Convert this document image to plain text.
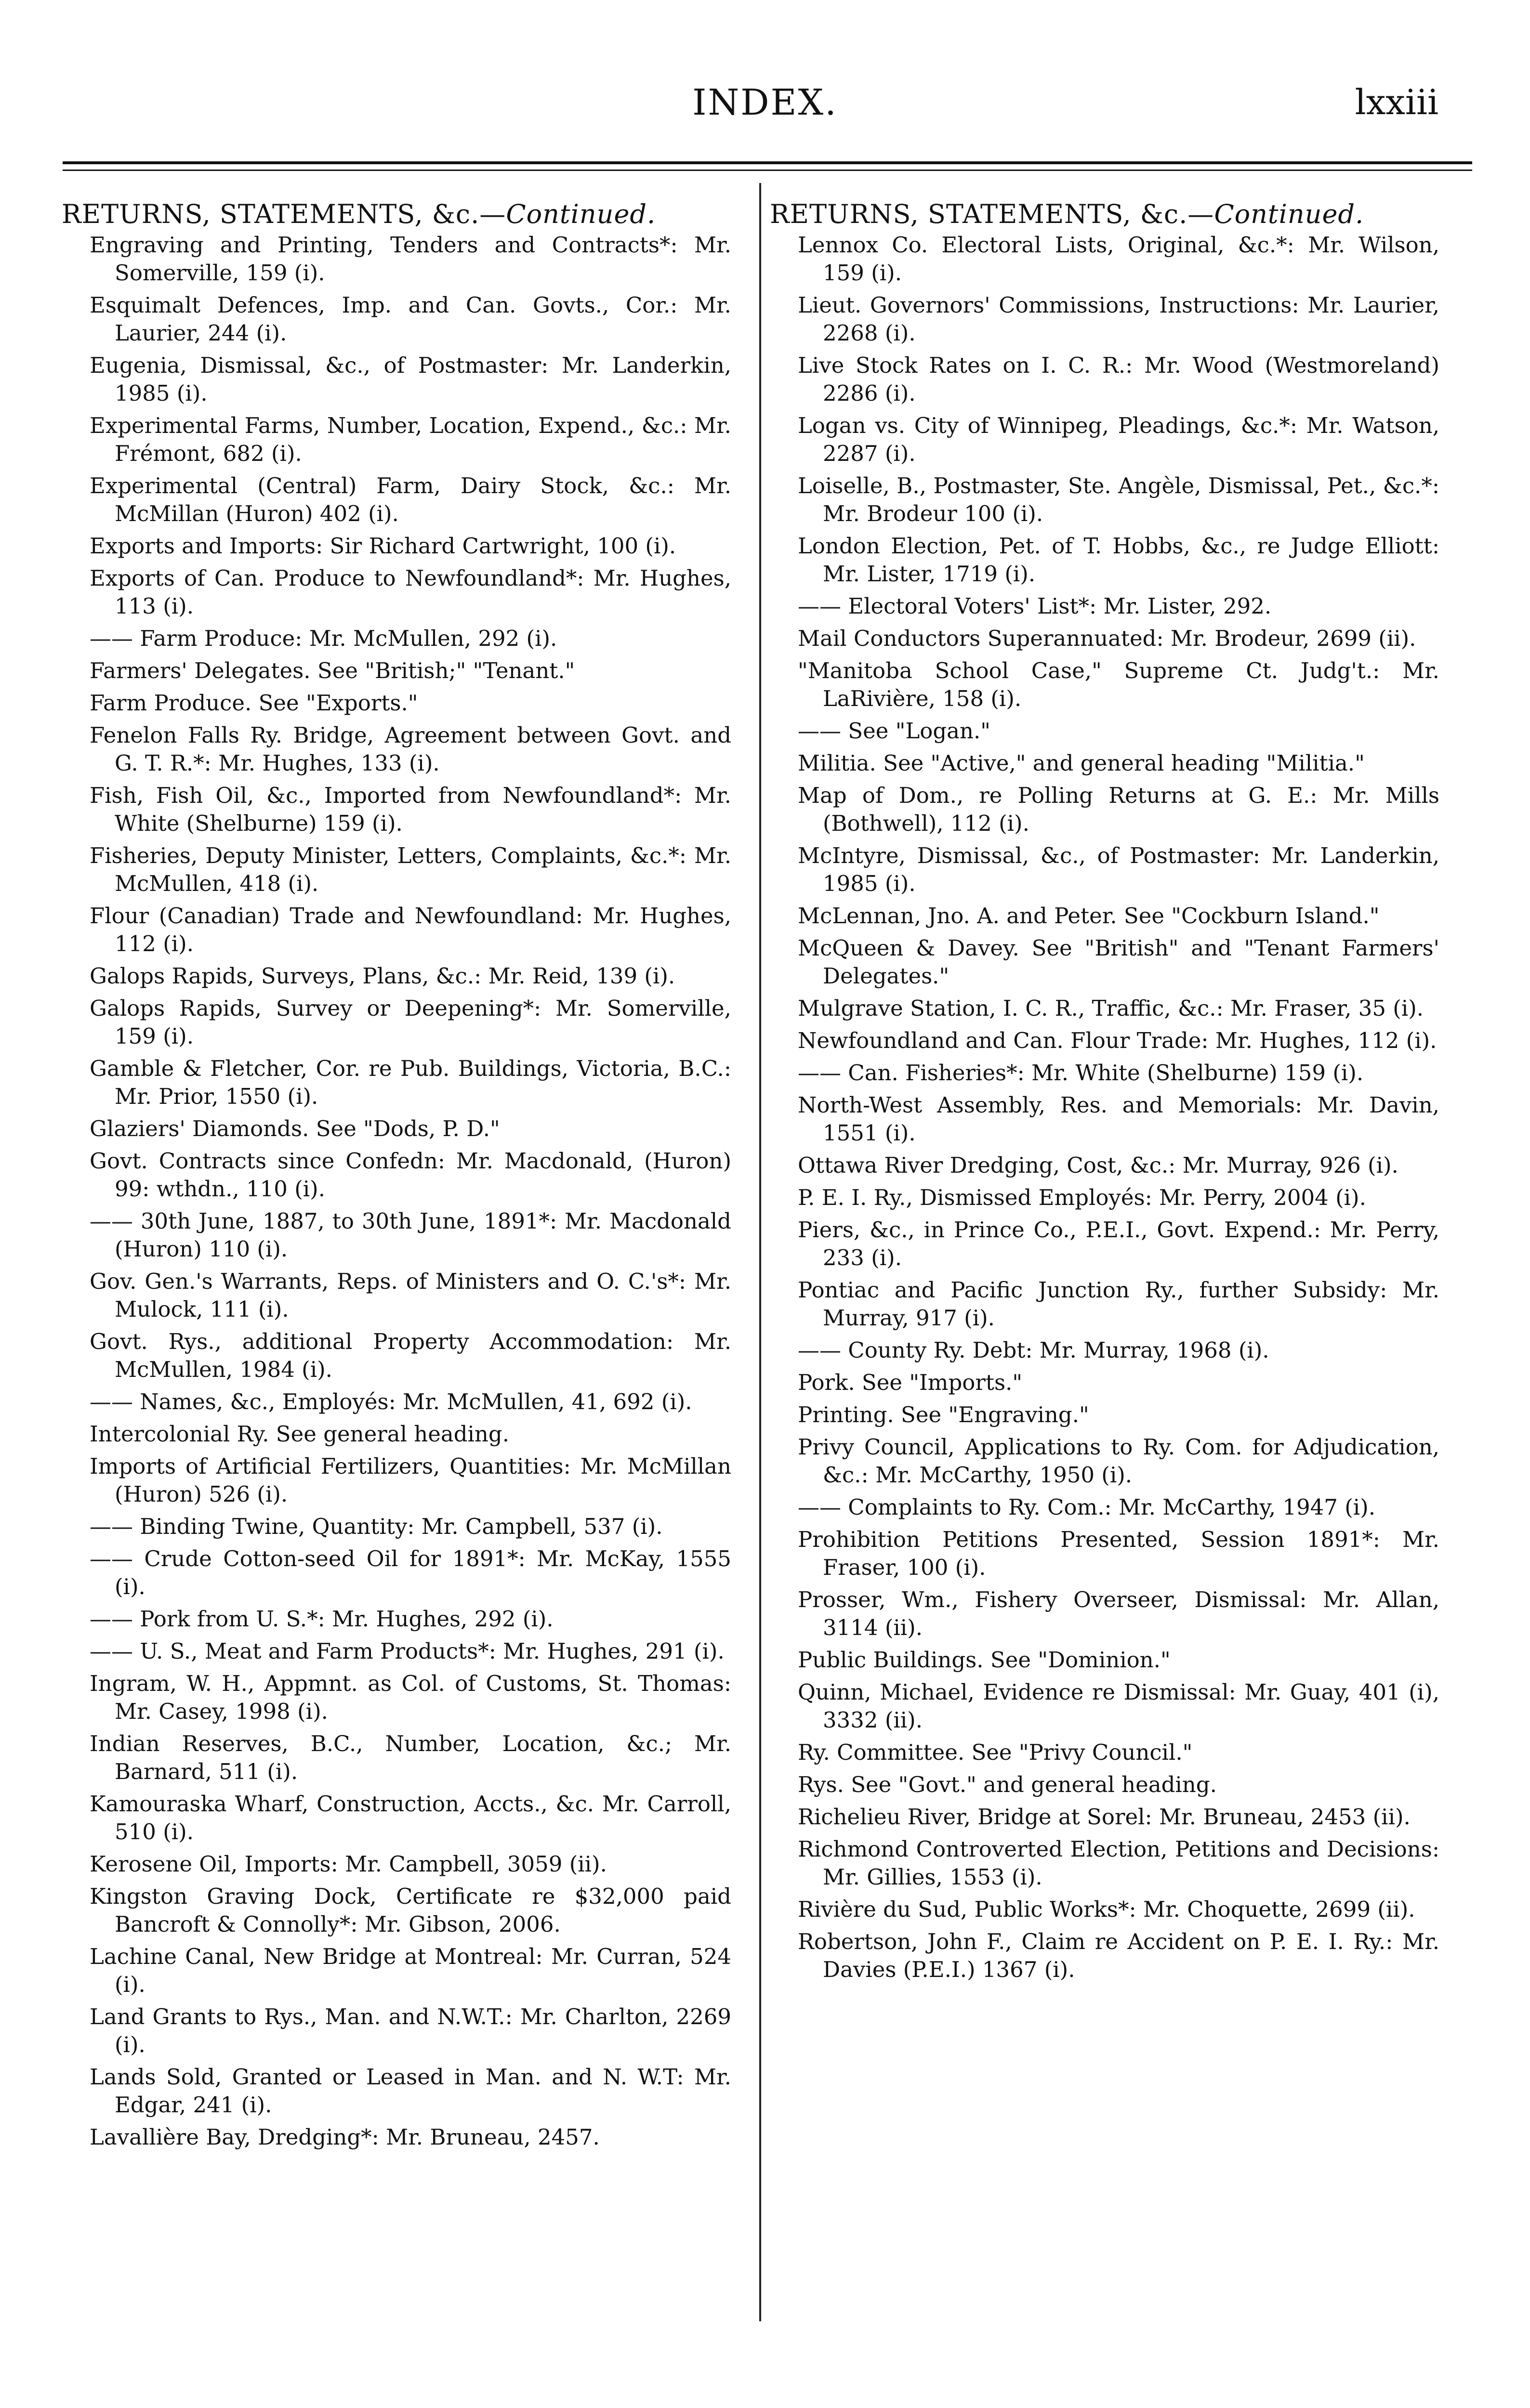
INDEX.	lxxiii
RETURNS, STATEMENTS, &c.—Continued.
Engraving and Printing, Tenders and Contracts*: Mr. Somerville, 159 (i).
Esquimalt Defences, Imp. and Can. Govts., Cor.: Mr. Laurier, 244 (i).
Eugenia, Dismissal, &c., of Postmaster: Mr. Landerkin, 1985 (i).
Experimental Farms, Number, Location, Expend., &c.: Mr. Frémont, 682 (i).
Experimental (Central) Farm, Dairy Stock, &c.: Mr. McMillan (Huron) 402 (i).
Exports and Imports: Sir Richard Cartwright, 100 (i).
Exports of Can. Produce to Newfoundland*: Mr. Hughes, 113 (i).
—— Farm Produce: Mr. McMullen, 292 (i).
Farmers' Delegates. See "British;" "Tenant."
Farm Produce. See "Exports."
Fenelon Falls Ry. Bridge, Agreement between Govt. and G. T. R.*: Mr. Hughes, 133 (i).
Fish, Fish Oil, &c., Imported from Newfoundland*: Mr. White (Shelburne) 159 (i).
Fisheries, Deputy Minister, Letters, Complaints, &c.*: Mr. McMullen, 418 (i).
Flour (Canadian) Trade and Newfoundland: Mr. Hughes, 112 (i).
Galops Rapids, Surveys, Plans, &c.: Mr. Reid, 139 (i).
Galops Rapids, Survey or Deepening*: Mr. Somerville, 159 (i).
Gamble & Fletcher, Cor. re Pub. Buildings, Victoria, B.C.: Mr. Prior, 1550 (i).
Glaziers' Diamonds. See "Dods, P. D."
Govt. Contracts since Confedn: Mr. Macdonald, (Huron) 99: wthdn., 110 (i).
—— 30th June, 1887, to 30th June, 1891*: Mr. Macdonald (Huron) 110 (i).
Gov. Gen.'s Warrants, Reps. of Ministers and O. C.'s*: Mr. Mulock, 111 (i).
Govt. Rys., additional Property Accommodation: Mr. McMullen, 1984 (i).
—— Names, &c., Employés: Mr. McMullen, 41, 692 (i).
Intercolonial Ry. See general heading.
Imports of Artificial Fertilizers, Quantities: Mr. McMillan (Huron) 526 (i).
—— Binding Twine, Quantity: Mr. Campbell, 537 (i).
—— Crude Cotton-seed Oil for 1891*: Mr. McKay, 1555 (i).
—— Pork from U. S.*: Mr. Hughes, 292 (i).
—— U. S., Meat and Farm Products*: Mr. Hughes, 291 (i).
Ingram, W. H., Appmnt. as Col. of Customs, St. Thomas: Mr. Casey, 1998 (i).
Indian Reserves, B.C., Number, Location, &c.; Mr. Barnard, 511 (i).
Kamouraska Wharf, Construction, Accts., &c. Mr. Carroll, 510 (i).
Kerosene Oil, Imports: Mr. Campbell, 3059 (ii).
Kingston Graving Dock, Certificate re $32,000 paid Bancroft & Connolly*: Mr. Gibson, 2006.
Lachine Canal, New Bridge at Montreal: Mr. Curran, 524 (i).
Land Grants to Rys., Man. and N.W.T.: Mr. Charlton, 2269 (i).
Lands Sold, Granted or Leased in Man. and N. W.T: Mr. Edgar, 241 (i).
Lavallière Bay, Dredging*: Mr. Bruneau, 2457.
RETURNS, STATEMENTS, &c.—Continued.
Lennox Co. Electoral Lists, Original, &c.*: Mr. Wilson, 159 (i).
Lieut. Governors' Commissions, Instructions: Mr. Laurier, 2268 (i).
Live Stock Rates on I. C. R.: Mr. Wood (Westmoreland) 2286 (i).
Logan vs. City of Winnipeg, Pleadings, &c.*: Mr. Watson, 2287 (i).
Loiselle, B., Postmaster, Ste. Angèle, Dismissal, Pet., &c.*: Mr. Brodeur 100 (i).
London Election, Pet. of T. Hobbs, &c., re Judge Elliott: Mr. Lister, 1719 (i).
—— Electoral Voters' List*: Mr. Lister, 292.
Mail Conductors Superannuated: Mr. Brodeur, 2699 (ii).
"Manitoba School Case," Supreme Ct. Judg't.: Mr. LaRivière, 158 (i).
—— See "Logan."
Militia. See "Active," and general heading "Militia."
Map of Dom., re Polling Returns at G. E.: Mr. Mills (Bothwell), 112 (i).
McIntyre, Dismissal, &c., of Postmaster: Mr. Landerkin, 1985 (i).
McLennan, Jno. A. and Peter. See "Cockburn Island."
McQueen & Davey. See "British" and "Tenant Farmers' Delegates."
Mulgrave Station, I. C. R., Traffic, &c.: Mr. Fraser, 35 (i).
Newfoundland and Can. Flour Trade: Mr. Hughes, 112 (i).
—— Can. Fisheries*: Mr. White (Shelburne) 159 (i).
North-West Assembly, Res. and Memorials: Mr. Davin, 1551 (i).
Ottawa River Dredging, Cost, &c.: Mr. Murray, 926 (i).
P. E. I. Ry., Dismissed Employés: Mr. Perry, 2004 (i).
Piers, &c., in Prince Co., P.E.I., Govt. Expend.: Mr. Perry, 233 (i).
Pontiac and Pacific Junction Ry., further Subsidy: Mr. Murray, 917 (i).
—— County Ry. Debt: Mr. Murray, 1968 (i).
Pork. See "Imports."
Printing. See "Engraving."
Privy Council, Applications to Ry. Com. for Adjudication, &c.: Mr. McCarthy, 1950 (i).
—— Complaints to Ry. Com.: Mr. McCarthy, 1947 (i).
Prohibition Petitions Presented, Session 1891*: Mr. Fraser, 100 (i).
Prosser, Wm., Fishery Overseer, Dismissal: Mr. Allan, 3114 (ii).
Public Buildings. See "Dominion."
Quinn, Michael, Evidence re Dismissal: Mr. Guay, 401 (i), 3332 (ii).
Ry. Committee. See "Privy Council."
Rys. See "Govt." and general heading.
Richelieu River, Bridge at Sorel: Mr. Bruneau, 2453 (ii).
Richmond Controverted Election, Petitions and Decisions: Mr. Gillies, 1553 (i).
Rivière du Sud, Public Works*: Mr. Choquette, 2699 (ii).
Robertson, John F., Claim re Accident on P. E. I. Ry.: Mr. Davies (P.E.I.) 1367 (i).
